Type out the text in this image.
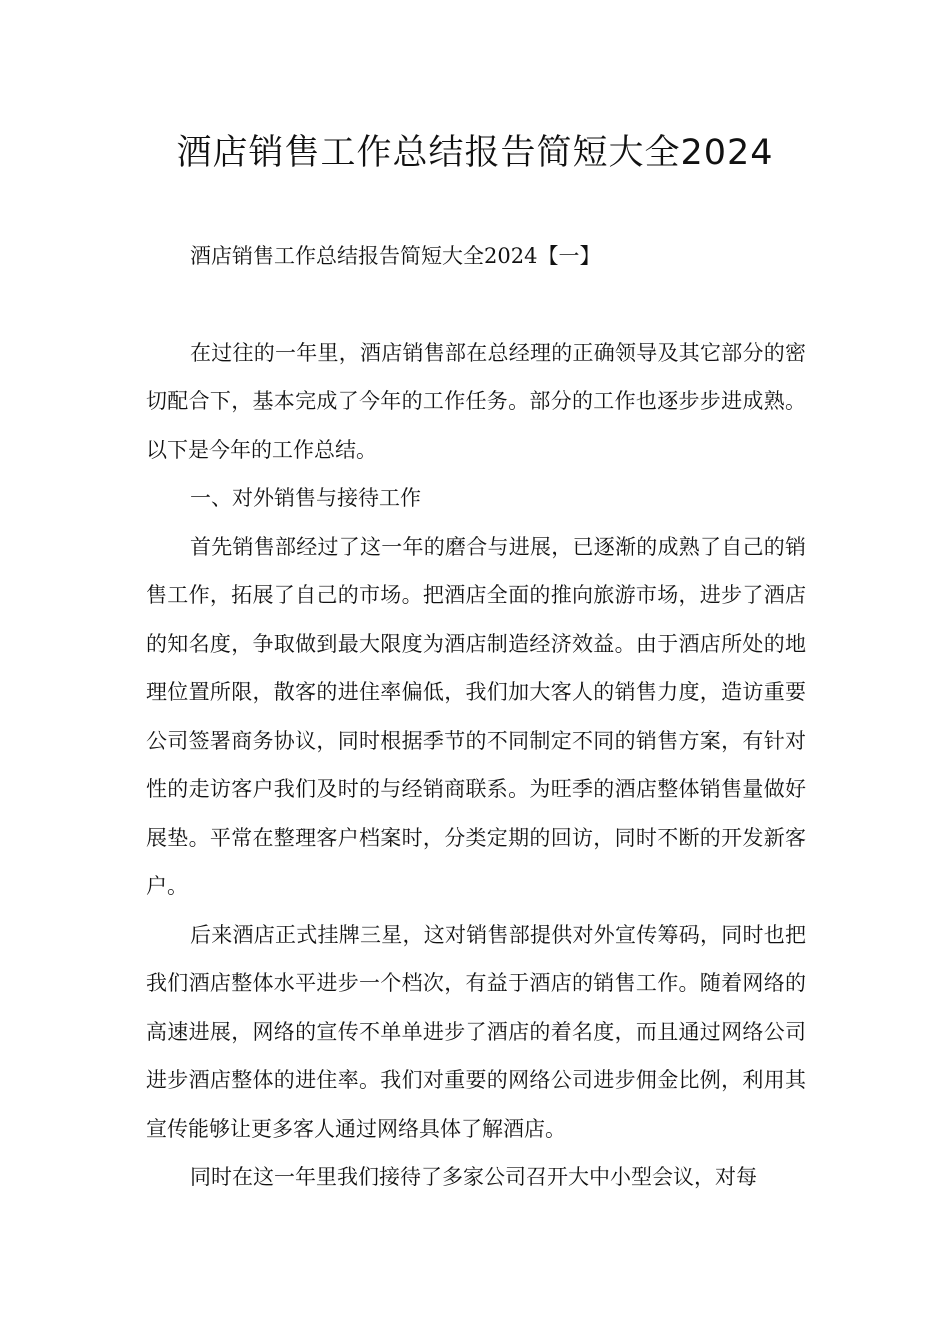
酒店销售工作总结报告简短大全2024

酒店销售工作总结报告简短大全2024【一】

在过往的一年里，酒店销售部在总经理的正确领导及其它部分的密切配合下，基本完成了今年的工作任务。部分的工作也逐步步进成熟。以下是今年的工作总结。

一、对外销售与接待工作

首先销售部经过了这一年的磨合与进展，已逐渐的成熟了自己的销售工作，拓展了自己的市场。把酒店全面的推向旅游市场，进步了酒店的知名度，争取做到最大限度为酒店制造经济效益。由于酒店所处的地理位置所限，散客的进住率偏低，我们加大客人的销售力度，造访重要公司签署商务协议，同时根据季节的不同制定不同的销售方案，有针对性的走访客户我们及时的与经销商联系。为旺季的酒店整体销售量做好展垫。平常在整理客户档案时，分类定期的回访，同时不断的开发新客户。

后来酒店正式挂牌三星，这对销售部提供对外宣传筹码，同时也把我们酒店整体水平进步一个档次，有益于酒店的销售工作。随着网络的高速进展，网络的宣传不单单进步了酒店的着名度，而且通过网络公司进步酒店整体的进住率。我们对重要的网络公司进步佣金比例，利用其宣传能够让更多客人通过网络具体了解酒店。

同时在这一年里我们接待了多家公司召开大中小型会议，对每
